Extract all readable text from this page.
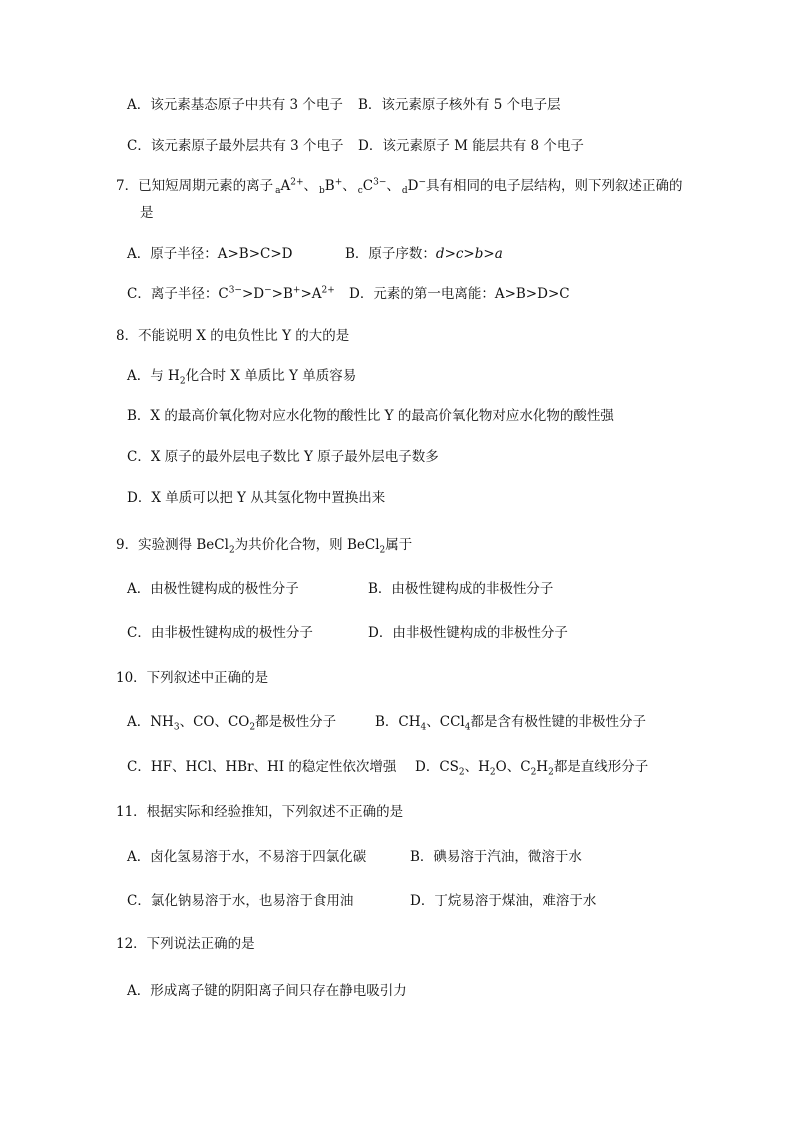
A．该元素基态原子中共有 3 个电子 B．该元素原子核外有 5 个电子层
C．该元素原子最外层共有 3 个电子 D．该元素原子 M 能层共有 8 个电子
7．已知短周期元素的离子 $_aA^{2+}$、 $_b$B+、 $_cC^{3-}$、 $_d$D−具有相同的电子层结构，则下列叙述正确的
是
A．原子半径：A>B>C>D	B．原子序数：d>c>b>a
C．离子半径：$C^{3-}>D^->B^+>A^{2+}$ D．元素的第一电离能：A>B>D>C
8．不能说明 X 的电负性比 Y 的大的是
A．与 $H_2$化合时 X 单质比 Y 单质容易
B．X 的最高价氧化物对应水化物的酸性比 Y 的最高价氧化物对应水化物的酸性强
C．X 原子的最外层电子数比 Y 原子最外层电子数多
D．X 单质可以把 Y 从其氢化物中置换出来
9．实验测得 BeCl$_2$为共价化合物，则 BeCl$_2$属于
A．由极性键构成的极性分子	B．由极性键构成的非极性分子
C．由非极性键构成的极性分子	D．由非极性键构成的非极性分子
10．下列叙述中正确的是
A．$NH_3$、CO、$CO_2$都是极性分子	B．$CH_4$、CCl$_4$都是含有极性键的非极性分子
C．HF、HCl、HBr、HI 的稳定性依次增强 D．$CS_2$、$H_2O$、$C_2H_2$都是直线形分子
11．根据实际和经验推知，下列叙述不正确的是
A．卤化氢易溶于水，不易溶于四氯化碳	B．碘易溶于汽油，微溶于水
C．氯化钠易溶于水，也易溶于食用油	D．丁烷易溶于煤油，难溶于水
12．下列说法正确的是
A．形成离子键的阴阳离子间只存在静电吸引力
